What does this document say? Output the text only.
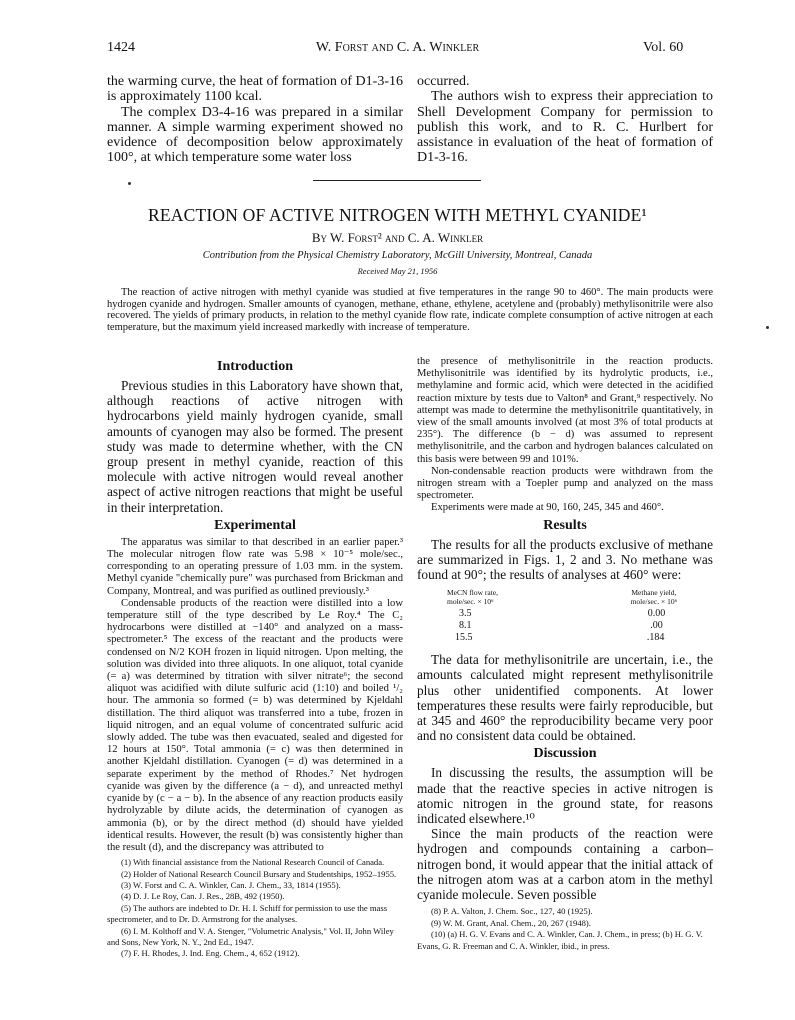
1424	W. Forst and C. A. Winkler	Vol. 60

the warming curve, the heat of formation of D1-3-16 is approximately 1100 kcal.

The complex D3-4-16 was prepared in a similar manner. A simple warming experiment showed no evidence of decomposition below approximately 100°, at which temperature some water loss

occurred.

The authors wish to express their appreciation to Shell Development Company for permission to publish this work, and to R. C. Hurlbert for assistance in evaluation of the heat of formation of D1-3-16.

REACTION OF ACTIVE NITROGEN WITH METHYL CYANIDE¹
By W. Forst² and C. A. Winkler
Contribution from the Physical Chemistry Laboratory, McGill University, Montreal, Canada
Received May 21, 1956
The reaction of active nitrogen with methyl cyanide was studied at five temperatures in the range 90 to 460°. The main products were hydrogen cyanide and hydrogen. Smaller amounts of cyanogen, methane, ethane, ethylene, acetylene and (probably) methylisonitrile were also recovered. The yields of primary products, in relation to the methyl cyanide flow rate, indicate complete consumption of active nitrogen at each temperature, but the maximum yield increased markedly with increase of temperature.
Introduction

Previous studies in this Laboratory have shown that, although reactions of active nitrogen with hydrocarbons yield mainly hydrogen cyanide, small amounts of cyanogen may also be formed. The present study was made to determine whether, with the CN group present in methyl cyanide, reaction of this molecule with active nitrogen would reveal another aspect of active nitrogen reactions that might be useful in their interpretation.

Experimental

The apparatus was similar to that described in an earlier paper.³ The molecular nitrogen flow rate was 5.98 × 10⁻⁵ mole/sec., corresponding to an operating pressure of 1.03 mm. in the system. Methyl cyanide "chemically pure" was purchased from Brickman and Company, Montreal, and was purified as outlined previously.³

Condensable products of the reaction were distilled into a low temperature still of the type described by Le Roy.⁴ The C₂ hydrocarbons were distilled at −140° and analyzed on a mass-spectrometer.⁵ The excess of the reactant and the products were condensed on N/2 KOH frozen in liquid nitrogen. Upon melting, the solution was divided into three aliquots. In one aliquot, total cyanide (= a) was determined by titration with silver nitrate⁶; the second aliquot was acidified with dilute sulfuric acid (1:10) and boiled ¹/₂ hour. The ammonia so formed (= b) was determined by Kjeldahl distillation. The third aliquot was transferred into a tube, frozen in liquid nitrogen, and an equal volume of concentrated sulfuric acid slowly added. The tube was then evacuated, sealed and digested for 12 hours at 150°. Total ammonia (= c) was then determined in another Kjeldahl distillation. Cyanogen (= d) was determined in a separate experiment by the method of Rhodes.⁷ Net hydrogen cyanide was given by the difference (a − d), and unreacted methyl cyanide by (c − a − b). In the absence of any reaction products easily hydrolyzable by dilute acids, the determination of cyanogen as ammonia (b), or by the direct method (d) should have yielded identical results. However, the result (b) was consistently higher than the result (d), and the discrepancy was attributed to

(1) With financial assistance from the National Research Council of Canada.

(2) Holder of National Research Council Bursary and Studentships, 1952–1955.

(3) W. Forst and C. A. Winkler, Can. J. Chem., 33, 1814 (1955).

(4) D. J. Le Roy, Can. J. Res., 28B, 492 (1950).

(5) The authors are indebted to Dr. H. I. Schiff for permission to use the mass spectrometer, and to Dr. D. Armstrong for the analyses.

(6) I. M. Kolthoff and V. A. Stenger, "Volumetric Analysis," Vol. II, John Wiley and Sons, New York, N. Y., 2nd Ed., 1947.

(7) F. H. Rhodes, J. Ind. Eng. Chem., 4, 652 (1912).

the presence of methylisonitrile in the reaction products. Methylisonitrile was identified by its hydrolytic products, i.e., methylamine and formic acid, which were detected in the acidified reaction mixture by tests due to Valton⁸ and Grant,⁹ respectively. No attempt was made to determine the methylisonitrile quantitatively, in view of the small amounts involved (at most 3% of total products at 235°). The difference (b − d) was assumed to represent methylisonitrile, and the carbon and hydrogen balances calculated on this basis were between 99 and 101%.

Non-condensable reaction products were withdrawn from the nitrogen stream with a Toepler pump and analyzed on the mass spectrometer.

Experiments were made at 90, 160, 245, 345 and 460°.

Results

The results for all the products exclusive of methane are summarized in Figs. 1, 2 and 3. No methane was found at 90°; the results of analyses at 460° were:

MeCN flow rate,	Methane yield,
mole/sec. × 10⁶	mole/sec. × 10⁶
3.5	0.00
8.1	.00
15.5	.184

The data for methylisonitrile are uncertain, i.e., the amounts calculated might represent methylisonitrile plus other unidentified components. At lower temperatures these results were fairly reproducible, but at 345 and 460° the reproducibility became very poor and no consistent data could be obtained.

Discussion

In discussing the results, the assumption will be made that the reactive species in active nitrogen is atomic nitrogen in the ground state, for reasons indicated elsewhere.¹⁰

Since the main products of the reaction were hydrogen and compounds containing a carbon–nitrogen bond, it would appear that the initial attack of the nitrogen atom was at a carbon atom in the methyl cyanide molecule. Seven possible

(8) P. A. Valton, J. Chem. Soc., 127, 40 (1925).

(9) W. M. Grant, Anal. Chem., 20, 267 (1948).

(10) (a) H. G. V. Evans and C. A. Winkler, Can. J. Chem., in press; (b) H. G. V. Evans, G. R. Freeman and C. A. Winkler, ibid., in press.
